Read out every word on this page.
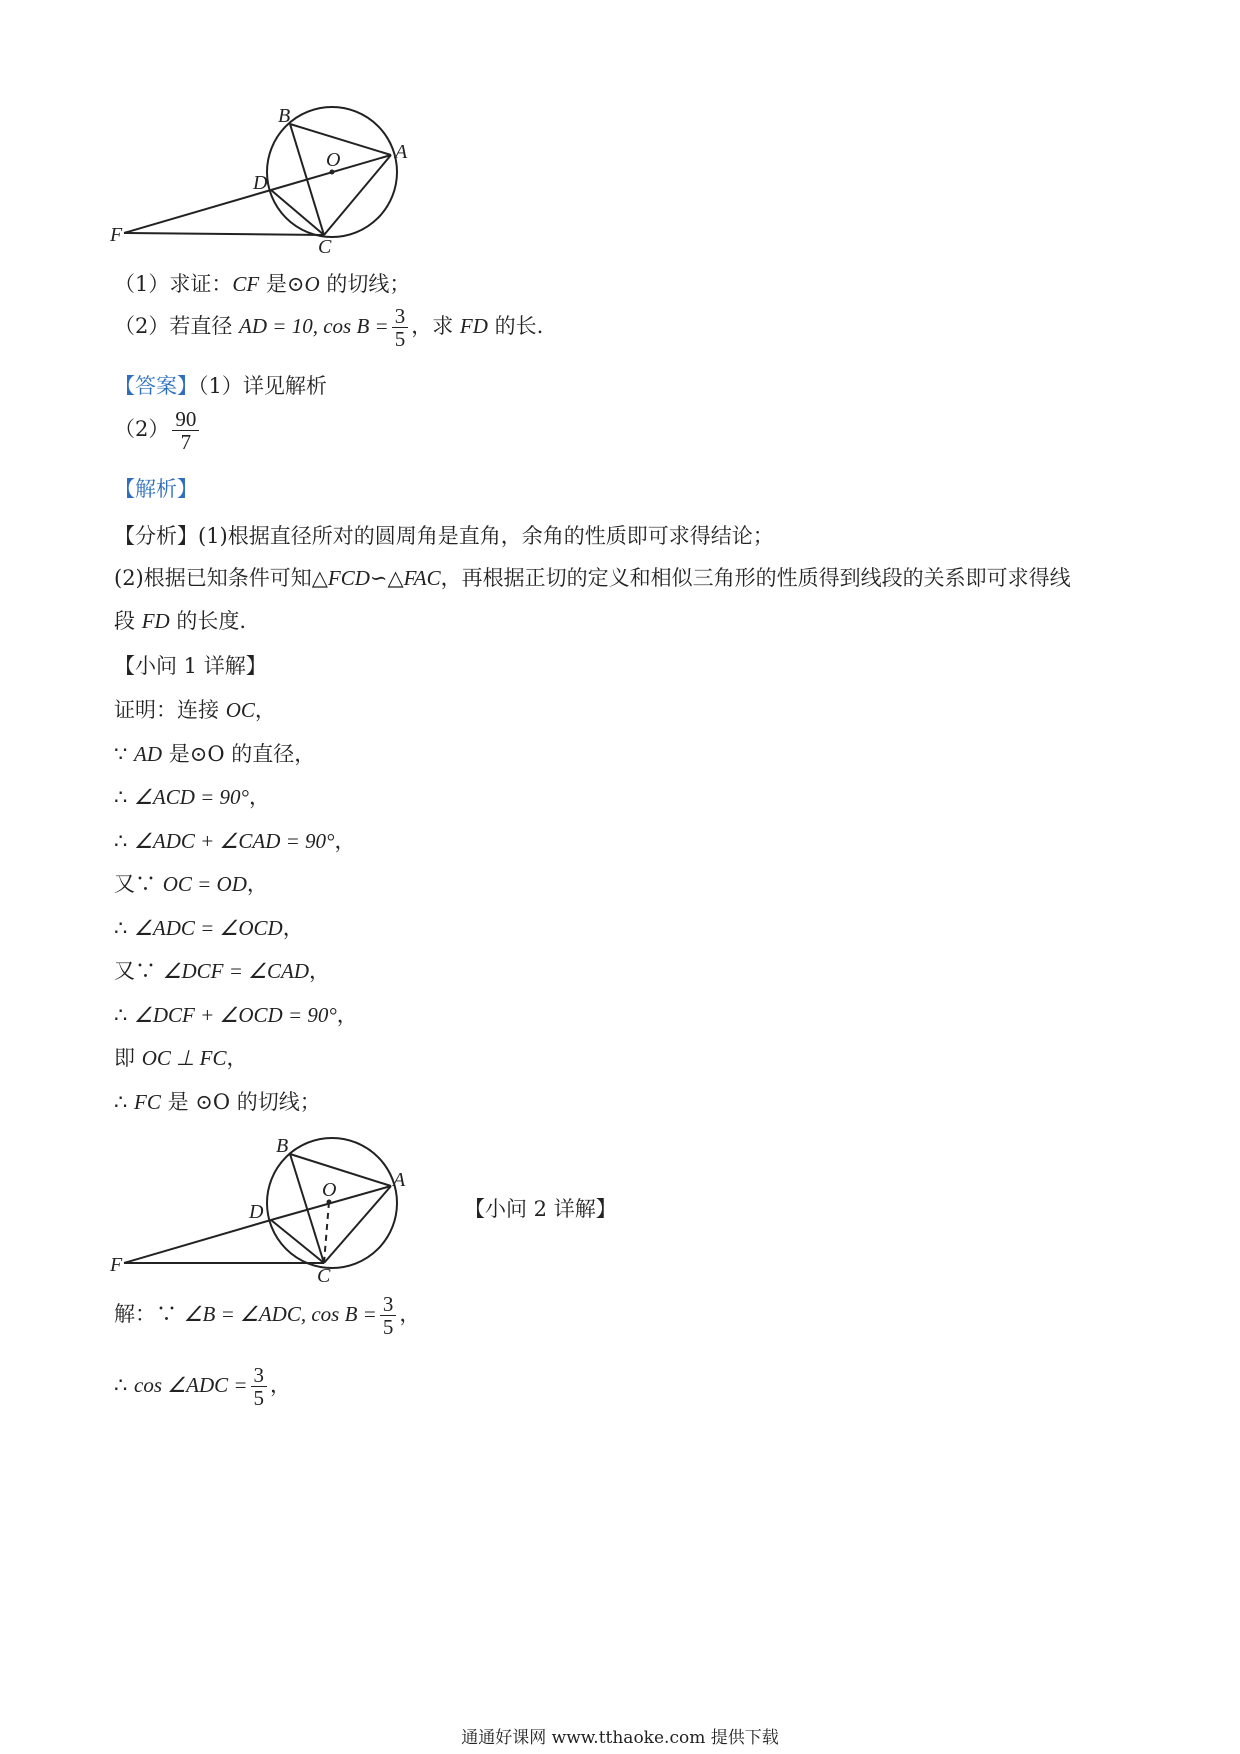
B
O	A
D
F
C
（1）求证：CF 是⊙O 的切线；
（2）若直径 AD = 10, $\cos B = \frac{3}{5}$ ，求 FD 的长.
【答案】（1）详见解析
$(2) \frac{90}{7}$
【解析】
【分析】(1)根据直径所对的圆周角是直角，余角的性质即可求得结论；
(2)根据已知条件可知△FCD∽△FAC，再根据正切的定义和相似三角形的性质得到线段的关系即可求得线
段 FD 的长度.
【小问 1 详解】
证明：连接 OC，
∵ AD 是⊙O 的直径，
∴ ∠ACD = 90°，
∴ ∠ADC + ∠CAD = 90°，
又∵ OC = OD，
∴ ∠ADC = ∠OCD，
又∵ ∠DCF = ∠CAD，
∴ ∠DCF + ∠OCD = 90°，
即 OC ⊥ FC，
∴ FC 是 ⊙O 的切线；
B
O	A
D
F	C
【小问 2 详解】
解：∵ ∠B = ∠ADC, $\cos B = \frac{3}{5}$ ，
∴ cos ∠ADC = $\frac{3}{5}$ ，
通通好课网 www.tthaoke.com 提供下载
